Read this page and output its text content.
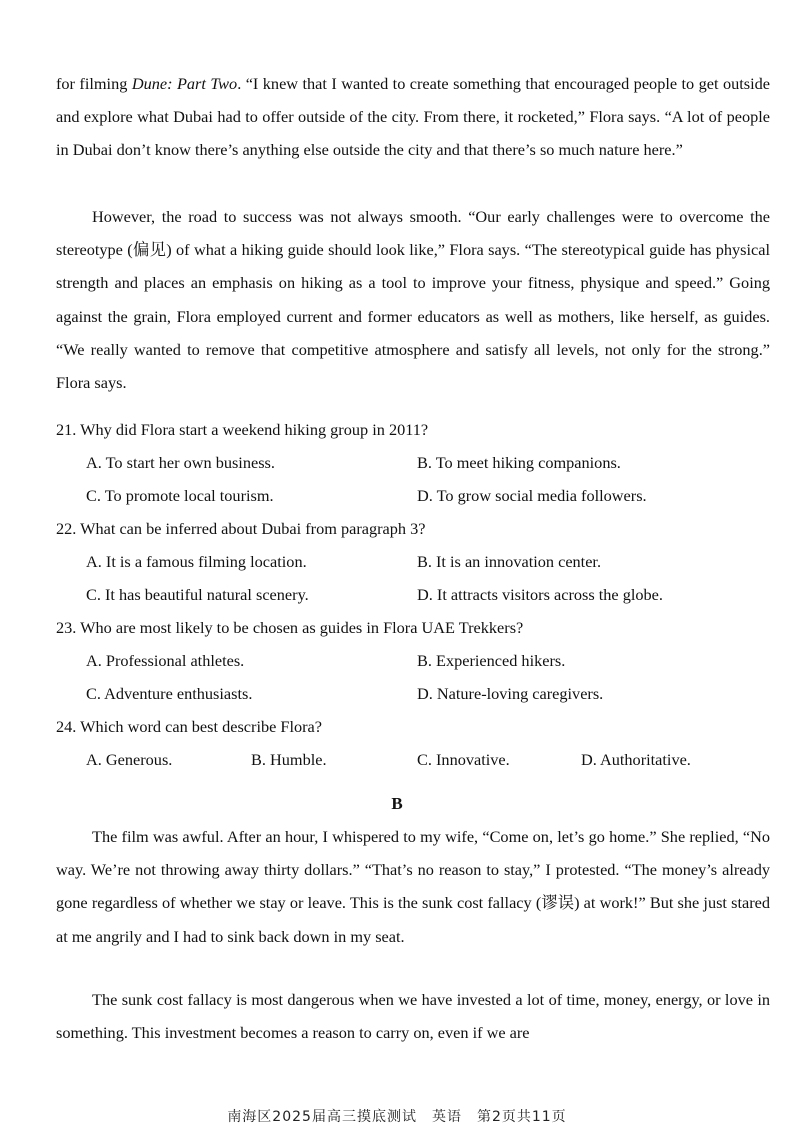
for filming Dune: Part Two. “I knew that I wanted to create something that encouraged people to get outside and explore what Dubai had to offer outside of the city. From there, it rocketed,” Flora says. “A lot of people in Dubai don’t know there’s anything else outside the city and that there’s so much nature here.”

However, the road to success was not always smooth. “Our early challenges were to overcome the stereotype (偏见) of what a hiking guide should look like,” Flora says. “The stereotypical guide has physical strength and places an emphasis on hiking as a tool to improve your fitness, physique and speed.” Going against the grain, Flora employed current and former educators as well as mothers, like herself, as guides. “We really wanted to remove that competitive atmosphere and satisfy all levels, not only for the strong.” Flora says.

21. Why did Flora start a weekend hiking group in 2011?

A. To start her own business.	B. To meet hiking companions.
C. To promote local tourism.	D. To grow social media followers.

22. What can be inferred about Dubai from paragraph 3?

A. It is a famous filming location.	B. It is an innovation center.
C. It has beautiful natural scenery.	D. It attracts visitors across the globe.

23. Who are most likely to be chosen as guides in Flora UAE Trekkers?

A. Professional athletes.	B. Experienced hikers.
C. Adventure enthusiasts.	D. Nature-loving caregivers.

24. Which word can best describe Flora?

A. Generous.	B. Humble.	C. Innovative.	D. Authoritative.
B

The film was awful. After an hour, I whispered to my wife, “Come on, let’s go home.” She replied, “No way. We’re not throwing away thirty dollars.” “That’s no reason to stay,” I protested. “The money’s already gone regardless of whether we stay or leave. This is the sunk cost fallacy (谬误) at work!” But she just stared at me angrily and I had to sink back down in my seat.

The sunk cost fallacy is most dangerous when we have invested a lot of time, money, energy, or love in something. This investment becomes a reason to carry on, even if we are

南海区2025届高三摸底测试　英语　第2页共11页
